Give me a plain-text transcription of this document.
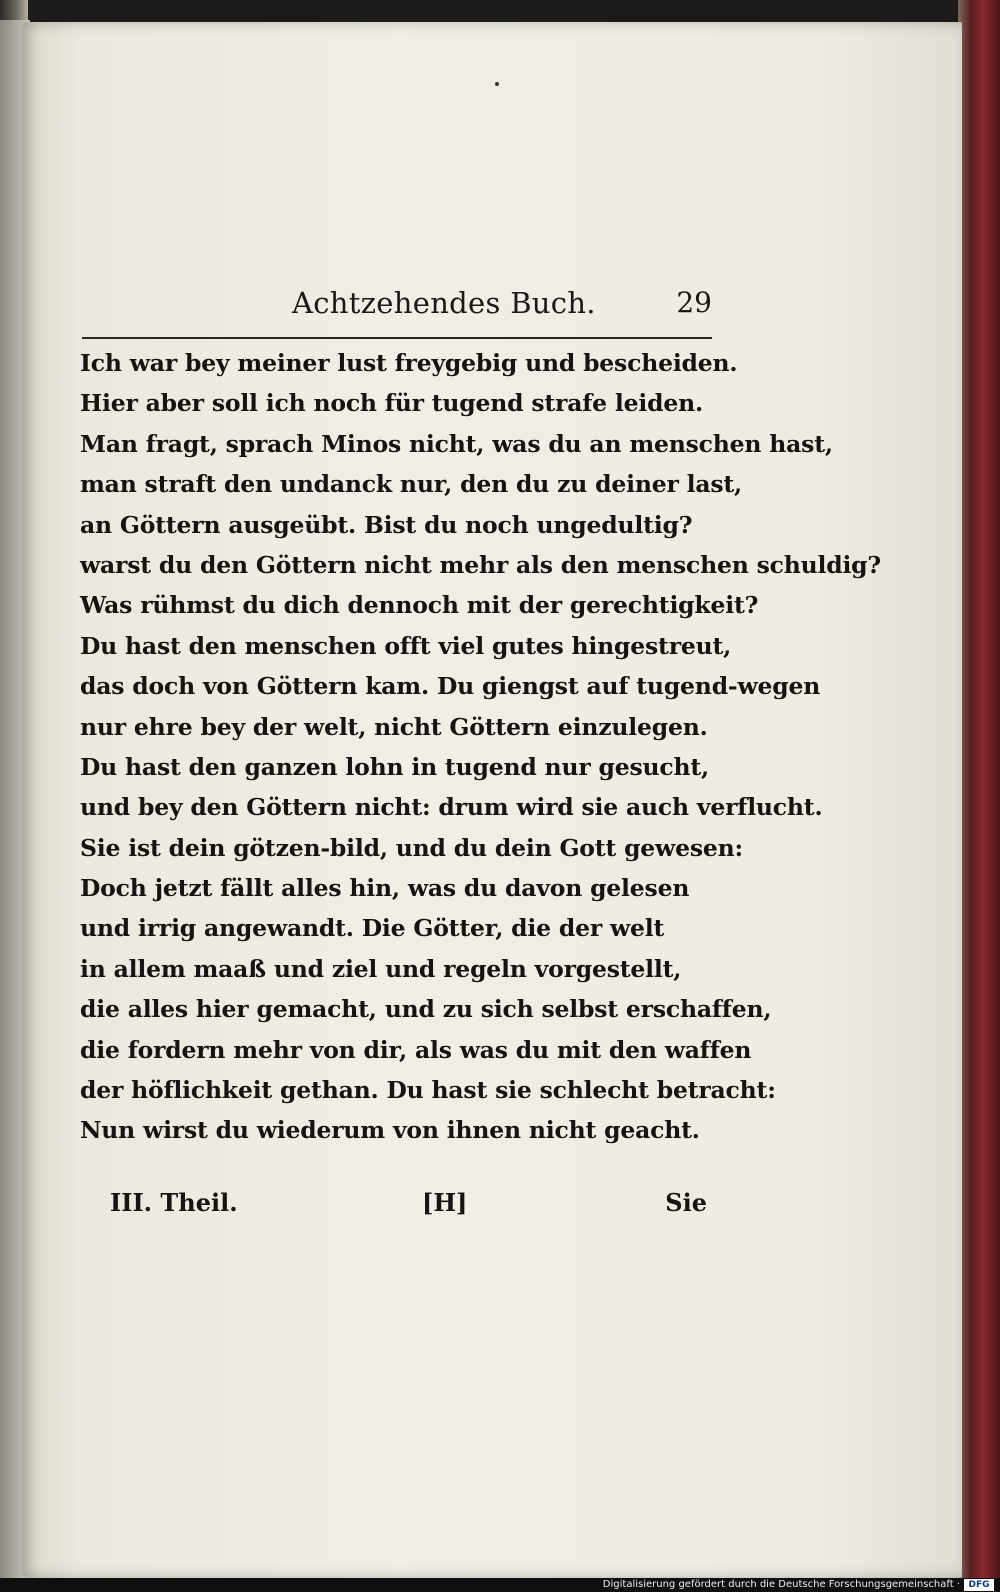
Achtzehendes Buch.	29
Ich war bey meiner lust freygebig und bescheiden.
Hier aber soll ich noch für tugend strafe leiden.
Man fragt, sprach Minos nicht, was du an menschen hast,
man straft den undanck nur, den du zu deiner last,
an Göttern ausgeübt. Bist du noch ungedultig?
warst du den Göttern nicht mehr als den menschen schuldig?
Was rühmst du dich dennoch mit der gerechtigkeit?
Du hast den menschen offt viel gutes hingestreut,
das doch von Göttern kam. Du giengst auf tugend-wegen
nur ehre bey der welt, nicht Göttern einzulegen.
Du hast den ganzen lohn in tugend nur gesucht,
und bey den Göttern nicht: drum wird sie auch verflucht.
Sie ist dein götzen-bild, und du dein Gott gewesen:
Doch jetzt fällt alles hin, was du davon gelesen
und irrig angewandt. Die Götter, die der welt
in allem maaß und ziel und regeln vorgestellt,
die alles hier gemacht, und zu sich selbst erschaffen,
die fordern mehr von dir, als was du mit den waffen
der höflichkeit gethan. Du hast sie schlecht betracht:
Nun wirst du wiederum von ihnen nicht geacht.
III. Theil.	[H]	Sie
Digitalisierung gefördert durch die Deutsche Forschungsgemeinschaft · DFG
